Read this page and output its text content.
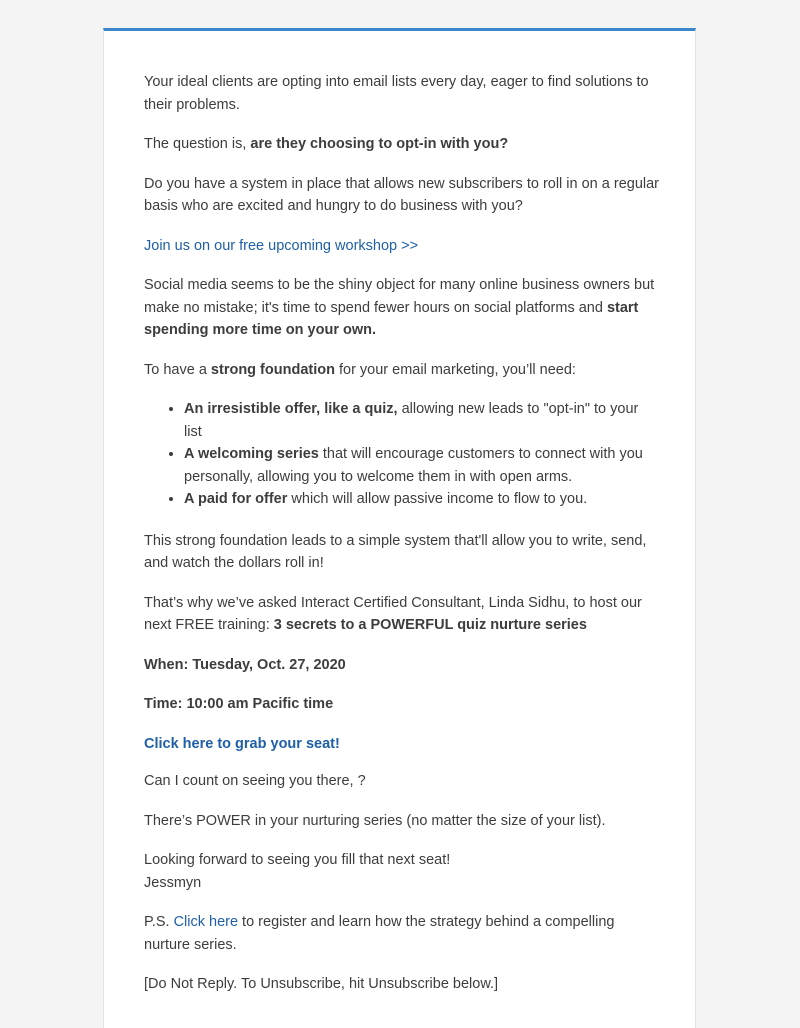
Your ideal clients are opting into email lists every day, eager to find solutions to their problems.

The question is, are they choosing to opt-in with you?

Do you have a system in place that allows new subscribers to roll in on a regular basis who are excited and hungry to do business with you?

Join us on our free upcoming workshop >>

Social media seems to be the shiny object for many online business owners but make no mistake; it's time to spend fewer hours on social platforms and start spending more time on your own.

To have a strong foundation for your email marketing, you’ll need:

• An irresistible offer, like a quiz, allowing new leads to "opt-in" to your list
• A welcoming series that will encourage customers to connect with you personally, allowing you to welcome them in with open arms.
• A paid for offer which will allow passive income to flow to you.

This strong foundation leads to a simple system that'll allow you to write, send, and watch the dollars roll in!

That’s why we’ve asked Interact Certified Consultant, Linda Sidhu, to host our next FREE training: 3 secrets to a POWERFUL quiz nurture series

When: Tuesday, Oct. 27, 2020

Time: 10:00 am Pacific time

Click here to grab your seat!

Can I count on seeing you there, ?

There’s POWER in your nurturing series (no matter the size of your list).

Looking forward to seeing you fill that next seat!

Jessmyn

P.S. Click here to register and learn how the strategy behind a compelling nurture series.

[Do Not Reply. To Unsubscribe, hit Unsubscribe below.]
